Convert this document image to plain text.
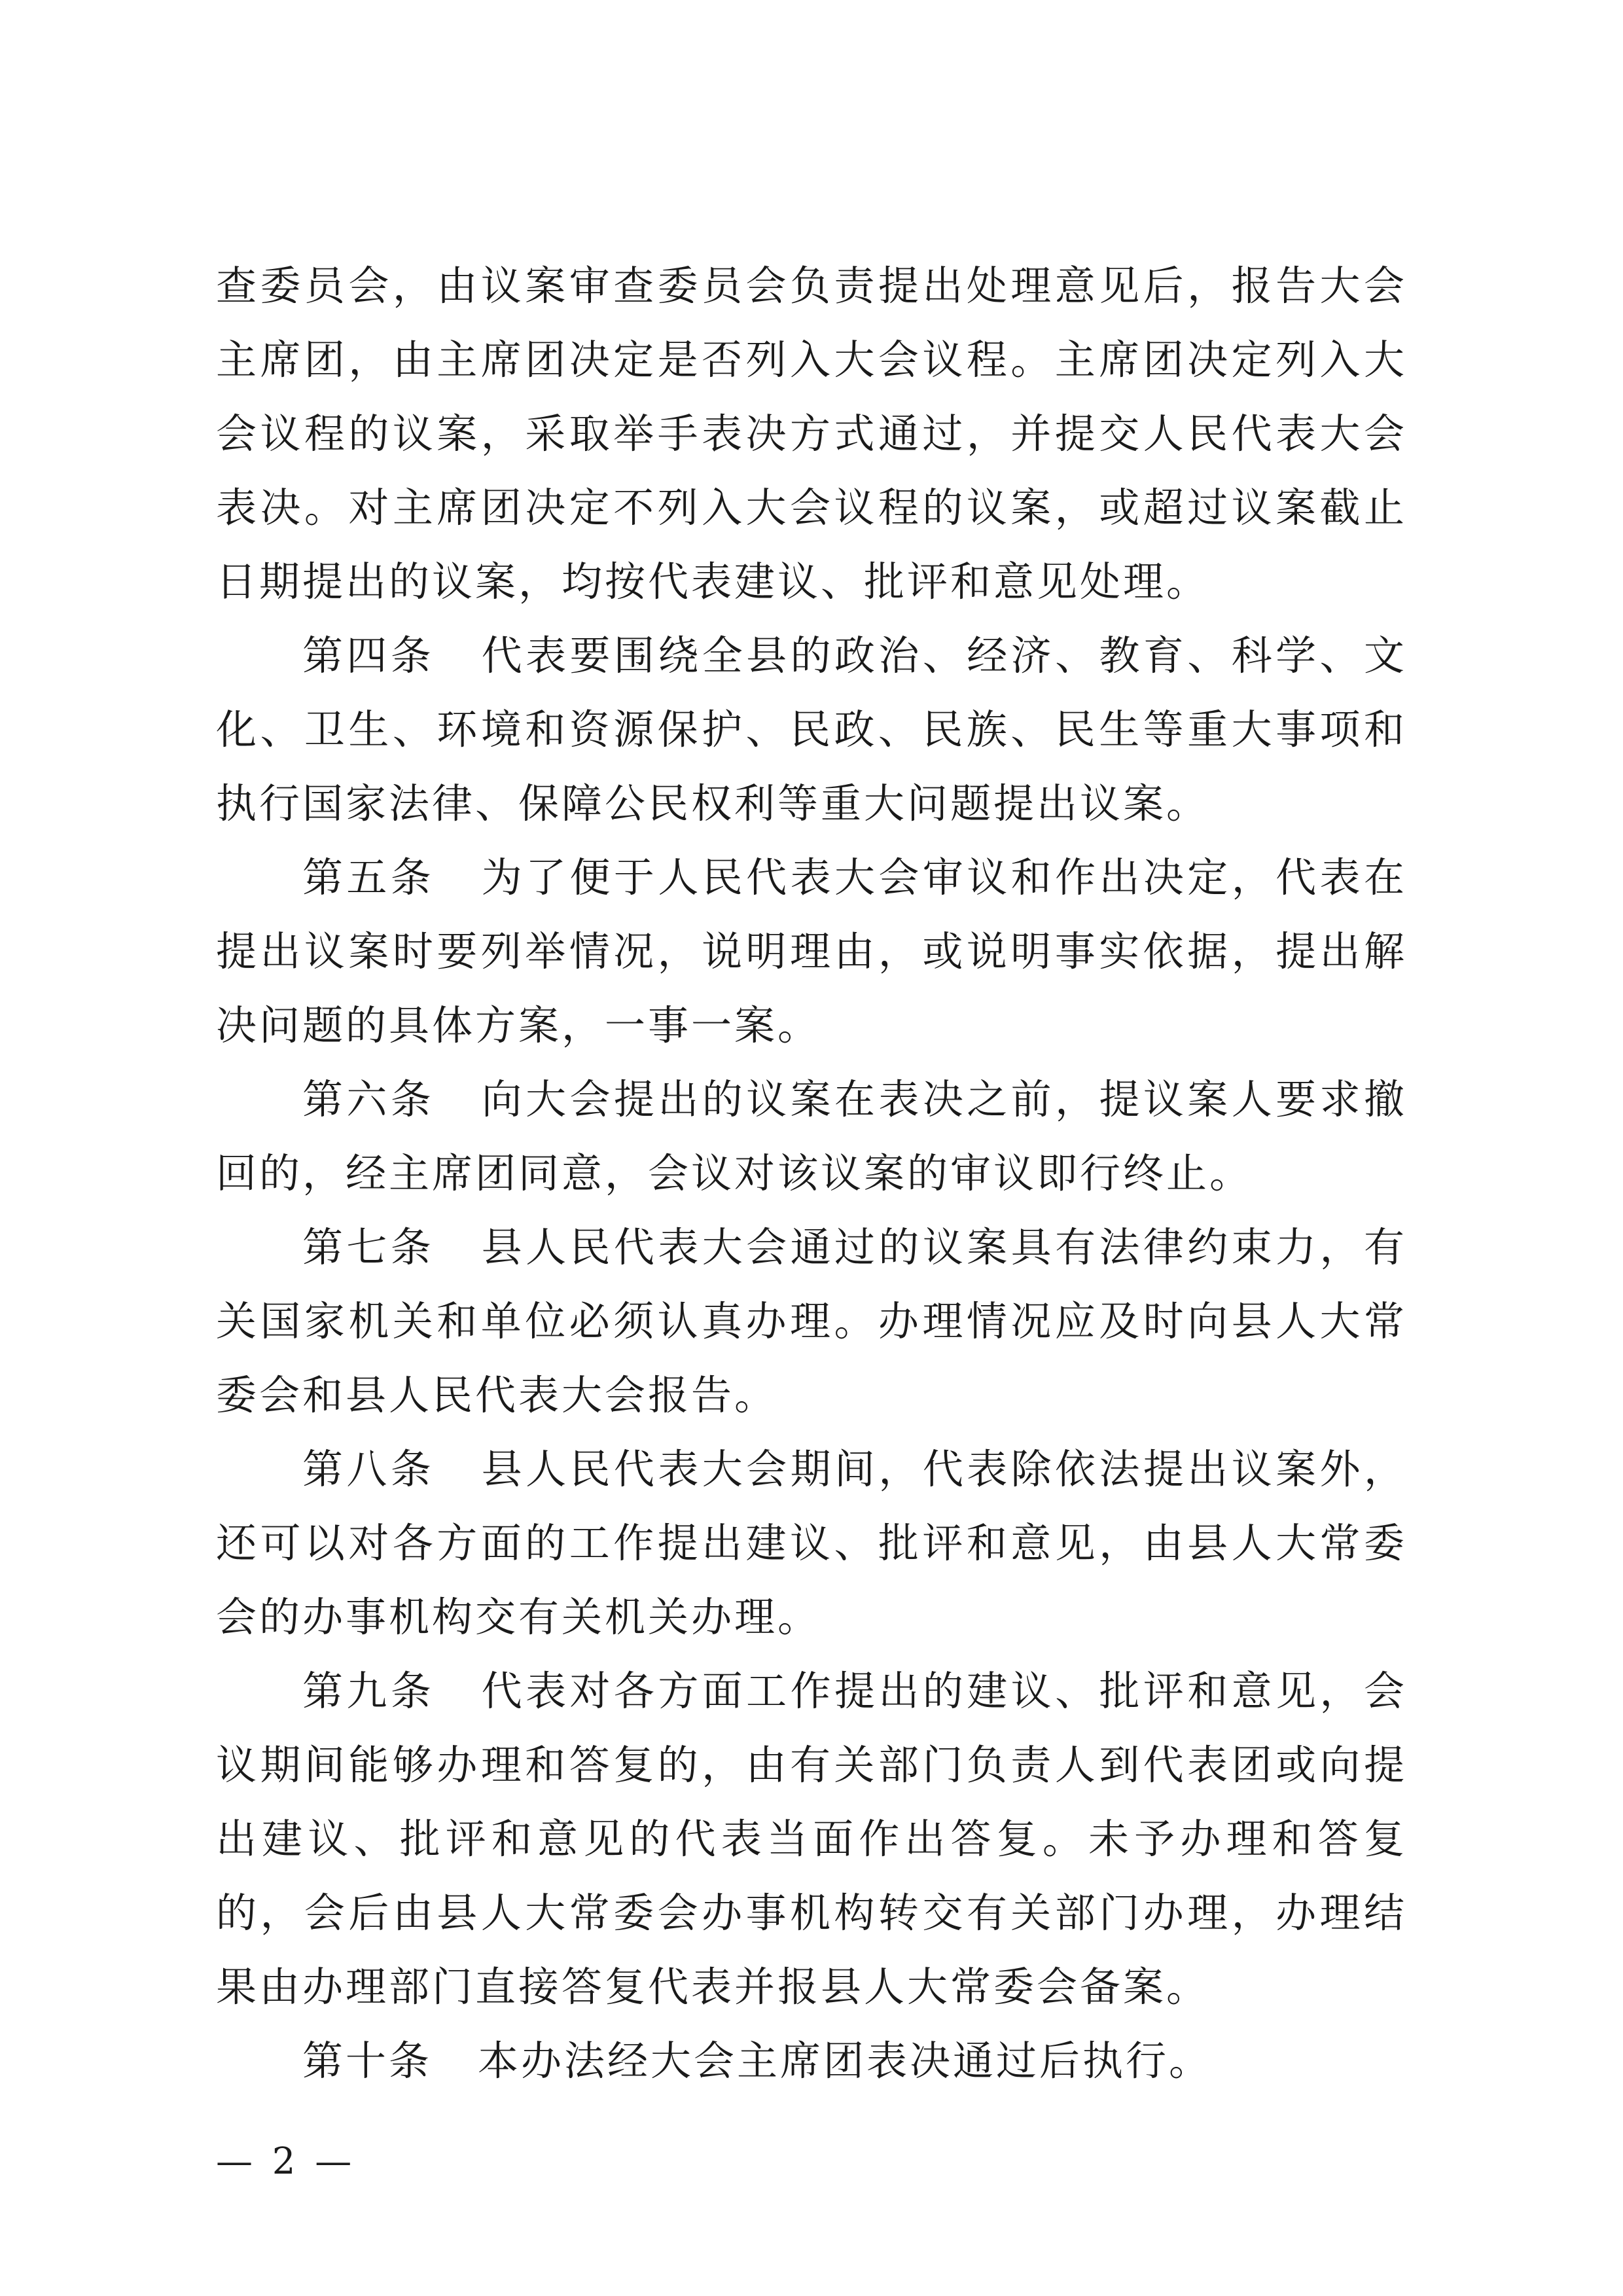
查委员会，由议案审查委员会负责提出处理意见后，报告大会主席团，由主席团决定是否列入大会议程。主席团决定列入大会议程的议案，采取举手表决方式通过，并提交人民代表大会表决。对主席团决定不列入大会议程的议案，或超过议案截止日期提出的议案，均按代表建议、批评和意见处理。

第四条 代表要围绕全县的政治、经济、教育、科学、文化、卫生、环境和资源保护、民政、民族、民生等重大事项和执行国家法律、保障公民权利等重大问题提出议案。

第五条 为了便于人民代表大会审议和作出决定，代表在提出议案时要列举情况，说明理由，或说明事实依据，提出解决问题的具体方案，一事一案。

第六条 向大会提出的议案在表决之前，提议案人要求撤回的，经主席团同意，会议对该议案的审议即行终止。

第七条 县人民代表大会通过的议案具有法律约束力，有关国家机关和单位必须认真办理。办理情况应及时向县人大常委会和县人民代表大会报告。

第八条 县人民代表大会期间，代表除依法提出议案外，还可以对各方面的工作提出建议、批评和意见，由县人大常委会的办事机构交有关机关办理。

第九条 代表对各方面工作提出的建议、批评和意见，会议期间能够办理和答复的，由有关部门负责人到代表团或向提出建议、批评和意见的代表当面作出答复。未予办理和答复的，会后由县人大常委会办事机构转交有关部门办理，办理结果由办理部门直接答复代表并报县人大常委会备案。

第十条 本办法经大会主席团表决通过后执行。

— 2 —
